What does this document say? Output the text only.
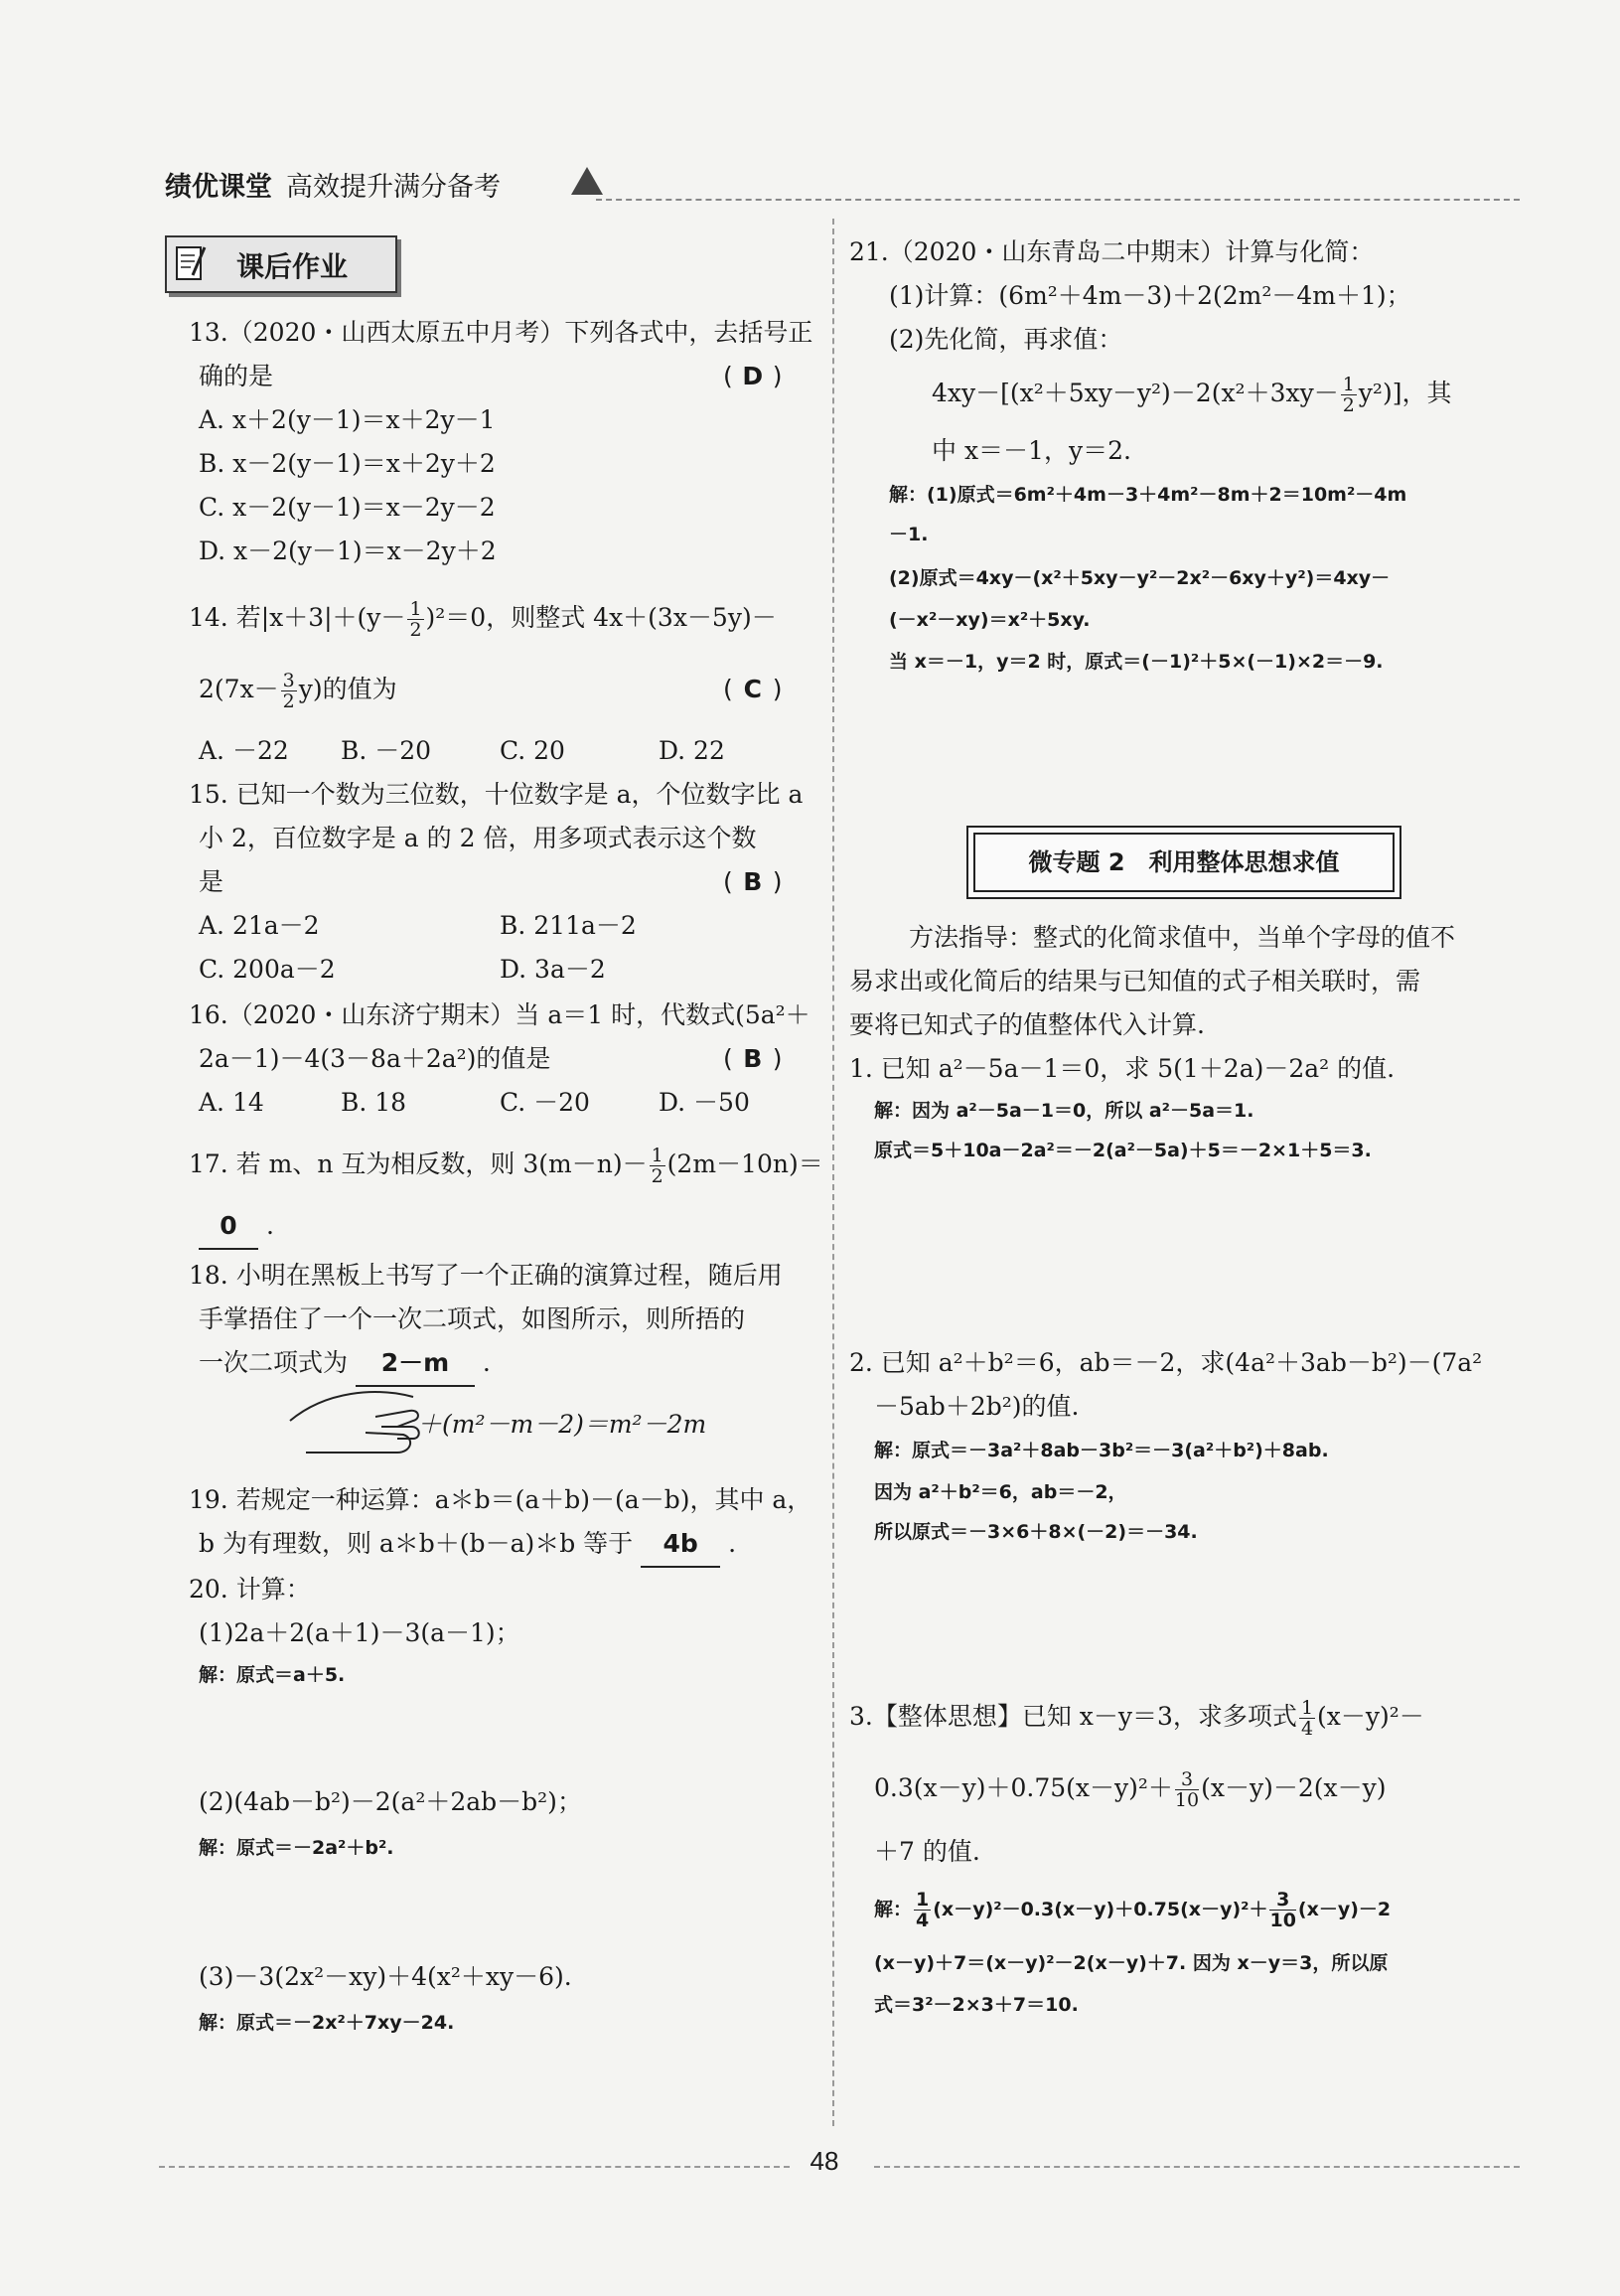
绩优课堂 高效提升满分备考
课后作业
13.（2020・山西太原五中月考）下列各式中，去括号正
确的是	( D )
A. x＋2(y－1)＝x＋2y－1
B. x－2(y－1)＝x＋2y＋2
C. x－2(y－1)＝x－2y－2
D. x－2(y－1)＝x－2y＋2
14. 若$|x+3|+(y- \frac{1}{2} )^2=0$，则整式 4x＋(3x－5y)－
$2(7x- \frac{3}{2} y)$的值为	( C )
A. －22 B. －20	C. 20	D. 22
15. 已知一个数为三位数，十位数字是 a，个位数字比 a
小 2，百位数字是 a 的 2 倍，用多项式表示这个数
是	( B )
A. 21a－2	B. 211a－2
C. 200a－2	D. 3a－2
16.（2020・山东济宁期末）当 a＝1 时，代数式(5a²＋
2a－1)－4(3－8a＋2a²)的值是	( B )
A. 14	B. 18	C. －20	D. －50
17. 若 m、n 互为相反数，则 $3(m-n)- \frac{1}{2} (2m-10n)=$
0 .
18. 小明在黑板上书写了一个正确的演算过程，随后用
手掌捂住了一个一次二项式，如图所示，则所捂的
一次二项式为 2－m .
＋(m²－m－2)＝m²－2m
19. 若规定一种运算：a＊b＝(a＋b)－(a－b)，其中 a，
b 为有理数，则 a＊b＋(b－a)＊b 等于 4b .
20. 计算：
(1)2a＋2(a＋1)－3(a－1)；
解：原式＝a＋5.
(2)(4ab－b²)－2(a²＋2ab－b²)；
解：原式＝－2a²＋b².
(3)－3(2x²－xy)＋4(x²＋xy－6).
解：原式＝－2x²＋7xy－24.
21.（2020・山东青岛二中期末）计算与化简：
(1)计算：(6m²＋4m－3)＋2(2m²－4m＋1)；
(2)先化简，再求值：
$4xy-[(x^2+5xy-y^2)-2(x^2+3xy- \frac{1}{2} y^2)]$，其
中 x＝－1，y＝2.
解：(1)原式＝6m²＋4m－3＋4m²－8m＋2＝10m²－4m
－1.
(2)原式＝4xy－(x²＋5xy－y²－2x²－6xy＋y²)＝4xy－
(－x²－xy)＝x²＋5xy.
当 x＝－1，y＝2 时，原式＝(－1)²＋5×(－1)×2＝－9.
微专题 2　利用整体思想求值
方法指导：整式的化简求值中，当单个字母的值不
易求出或化简后的结果与已知值的式子相关联时，需
要将已知式子的值整体代入计算.
1. 已知 a²－5a－1＝0，求 5(1＋2a)－2a² 的值.
解：因为 a²－5a－1＝0，所以 a²－5a＝1.
原式＝5＋10a－2a²＝－2(a²－5a)＋5＝－2×1＋5＝3.
2. 已知 a²＋b²＝6，ab＝－2，求(4a²＋3ab－b²)－(7a²
－5ab＋2b²)的值.
解：原式＝－3a²＋8ab－3b²＝－3(a²＋b²)＋8ab.
因为 a²＋b²＝6，ab＝－2，
所以原式＝－3×6＋8×(－2)＝－34.
3.【整体思想】已知 x－y＝3，求多项式 $\frac{1}{4} (x-y)^2-$
$0.3(x-y)+0.75(x-y)^2+ \frac{3}{10} (x-y)-2(x-y)$
＋7 的值.
解： $\frac{1}{4} (x-y)^2-0.3(x-y)+0.75(x-y)^2+ \frac{3}{10} (x-y)-2$
(x－y)＋7＝(x－y)²－2(x－y)＋7. 因为 x－y＝3，所以原
式＝3²－2×3＋7＝10.
48
